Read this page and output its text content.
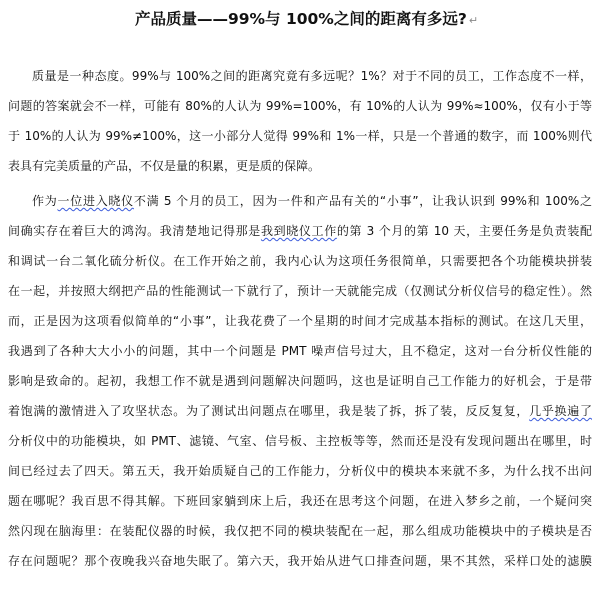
产品质量——99%与 100%之间的距离有多远? ↵
质量是一种态度。99%与 100%之间的距离究竟有多远呢？1%？对于不同的员工，工作态度不一样，
问题的答案就会不一样，可能有 80%的人认为 99%=100%，有 10%的人认为 99%≈100%，仅有小于等
于 10%的人认为 99%≠100%，这一小部分人觉得 99%和 1%一样，只是一个普通的数字，而 100%则代
表具有完美质量的产品，不仅是量的积累，更是质的保障。
作为一位进入晓仪不满 5 个月的员工，因为一件和产品有关的“小事”，让我认识到 99%和 100%之
间确实存在着巨大的鸿沟。我清楚地记得那是我到晓仪工作的第 3 个月的第 10 天，主要任务是负责装配
和调试一台二氧化硫分析仪。在工作开始之前，我内心认为这项任务很简单，只需要把各个功能模块拼装
在一起，并按照大纲把产品的性能测试一下就行了，预计一天就能完成（仅测试分析仪信号的稳定性）。然
而，正是因为这项看似简单的“小事”，让我花费了一个星期的时间才完成基本指标的测试。在这几天里，
我遇到了各种大大小小的问题，其中一个问题是 PMT 噪声信号过大，且不稳定，这对一台分析仪性能的
影响是致命的。起初，我想工作不就是遇到问题解决问题吗，这也是证明自己工作能力的好机会，于是带
着饱满的激情进入了攻坚状态。为了测试出问题点在哪里，我是装了拆，拆了装，反反复复，几乎换遍了
分析仪中的功能模块，如 PMT、滤镜、气室、信号板、主控板等等，然而还是没有发现问题出在哪里，时
间已经过去了四天。第五天，我开始质疑自己的工作能力，分析仪中的模块本来就不多，为什么找不出问
题在哪呢？我百思不得其解。下班回家躺到床上后，我还在思考这个问题，在进入梦乡之前，一个疑问突
然闪现在脑海里：在装配仪器的时候，我仅把不同的模块装配在一起，那么组成功能模块中的子模块是否
存在问题呢？那个夜晚我兴奋地失眠了。第六天，我开始从进气口排查问题，果不其然，采样口处的滤膜
